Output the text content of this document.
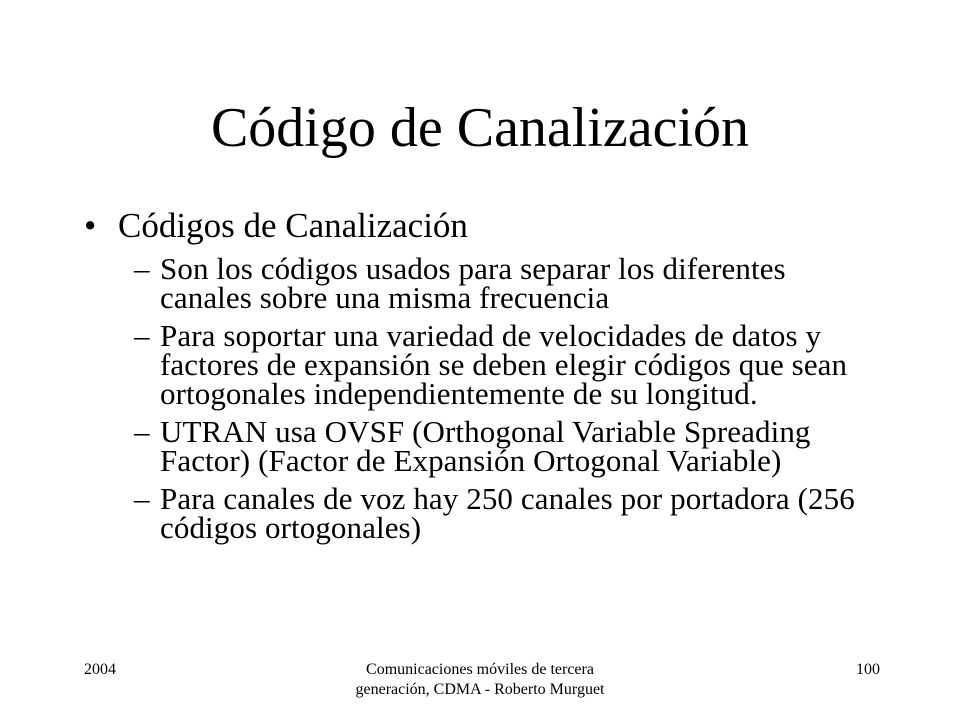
Código de Canalización
• Códigos de Canalización
– Son los códigos usados para separar los diferentes canales sobre una misma frecuencia
– Para soportar una variedad de velocidades de datos y factores de expansión se deben elegir códigos que sean ortogonales independientemente de su longitud.
– UTRAN usa OVSF (Orthogonal Variable Spreading Factor) (Factor de Expansión Ortogonal Variable)
– Para canales de voz hay 250 canales por portadora (256 códigos ortogonales)
2004	Comunicaciones móviles de tercera generación, CDMA - Roberto Murguet
100
